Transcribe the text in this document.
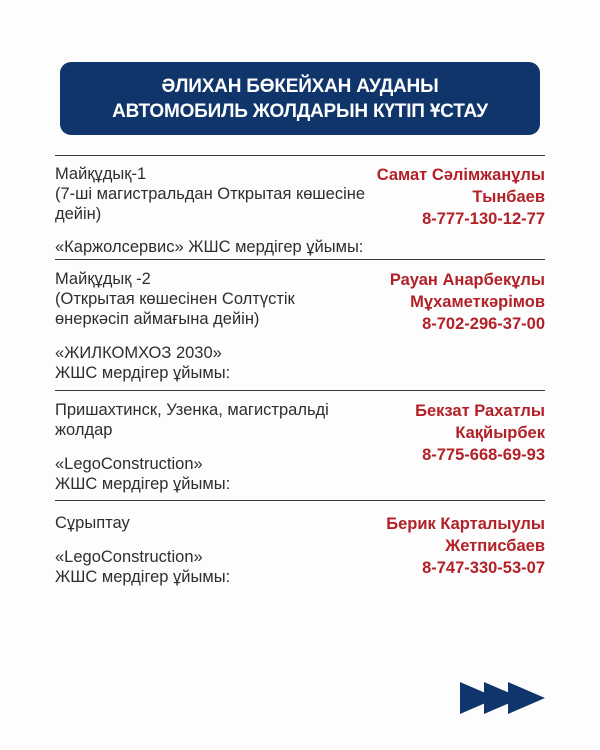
ӘЛИХАН БӨКЕЙХАН АУДАНЫ
АВТОМОБИЛЬ ЖОЛДАРЫН КҮТІП ҰСТАУ
Майқұдық-1
(7-ші магистральдан Открытая көшесіне
дейін)
«Каржолсервис» ЖШС мердігер ұйымы:
Самат Сәлімжанұлы
Тынбаев
8-777-130-12-77
Майқұдық -2
(Открытая көшесінен Солтүстік
өнеркәсіп аймағына дейін)
«ЖИЛКОМХОЗ 2030»
ЖШС мердігер ұйымы:
Рауан Анарбекұлы
Мұхаметкәрімов
8-702-296-37-00
Пришахтинск, Узенка, магистральді
жолдар
«LegoConstruction»
ЖШС мердігер ұйымы:
Бекзат Рахатлы
Кақйырбек
8-775-668-69-93
Сұрыптау
«LegoConstruction»
ЖШС мердігер ұйымы:
Берик Карталыулы
Жетписбаев
8-747-330-53-07
